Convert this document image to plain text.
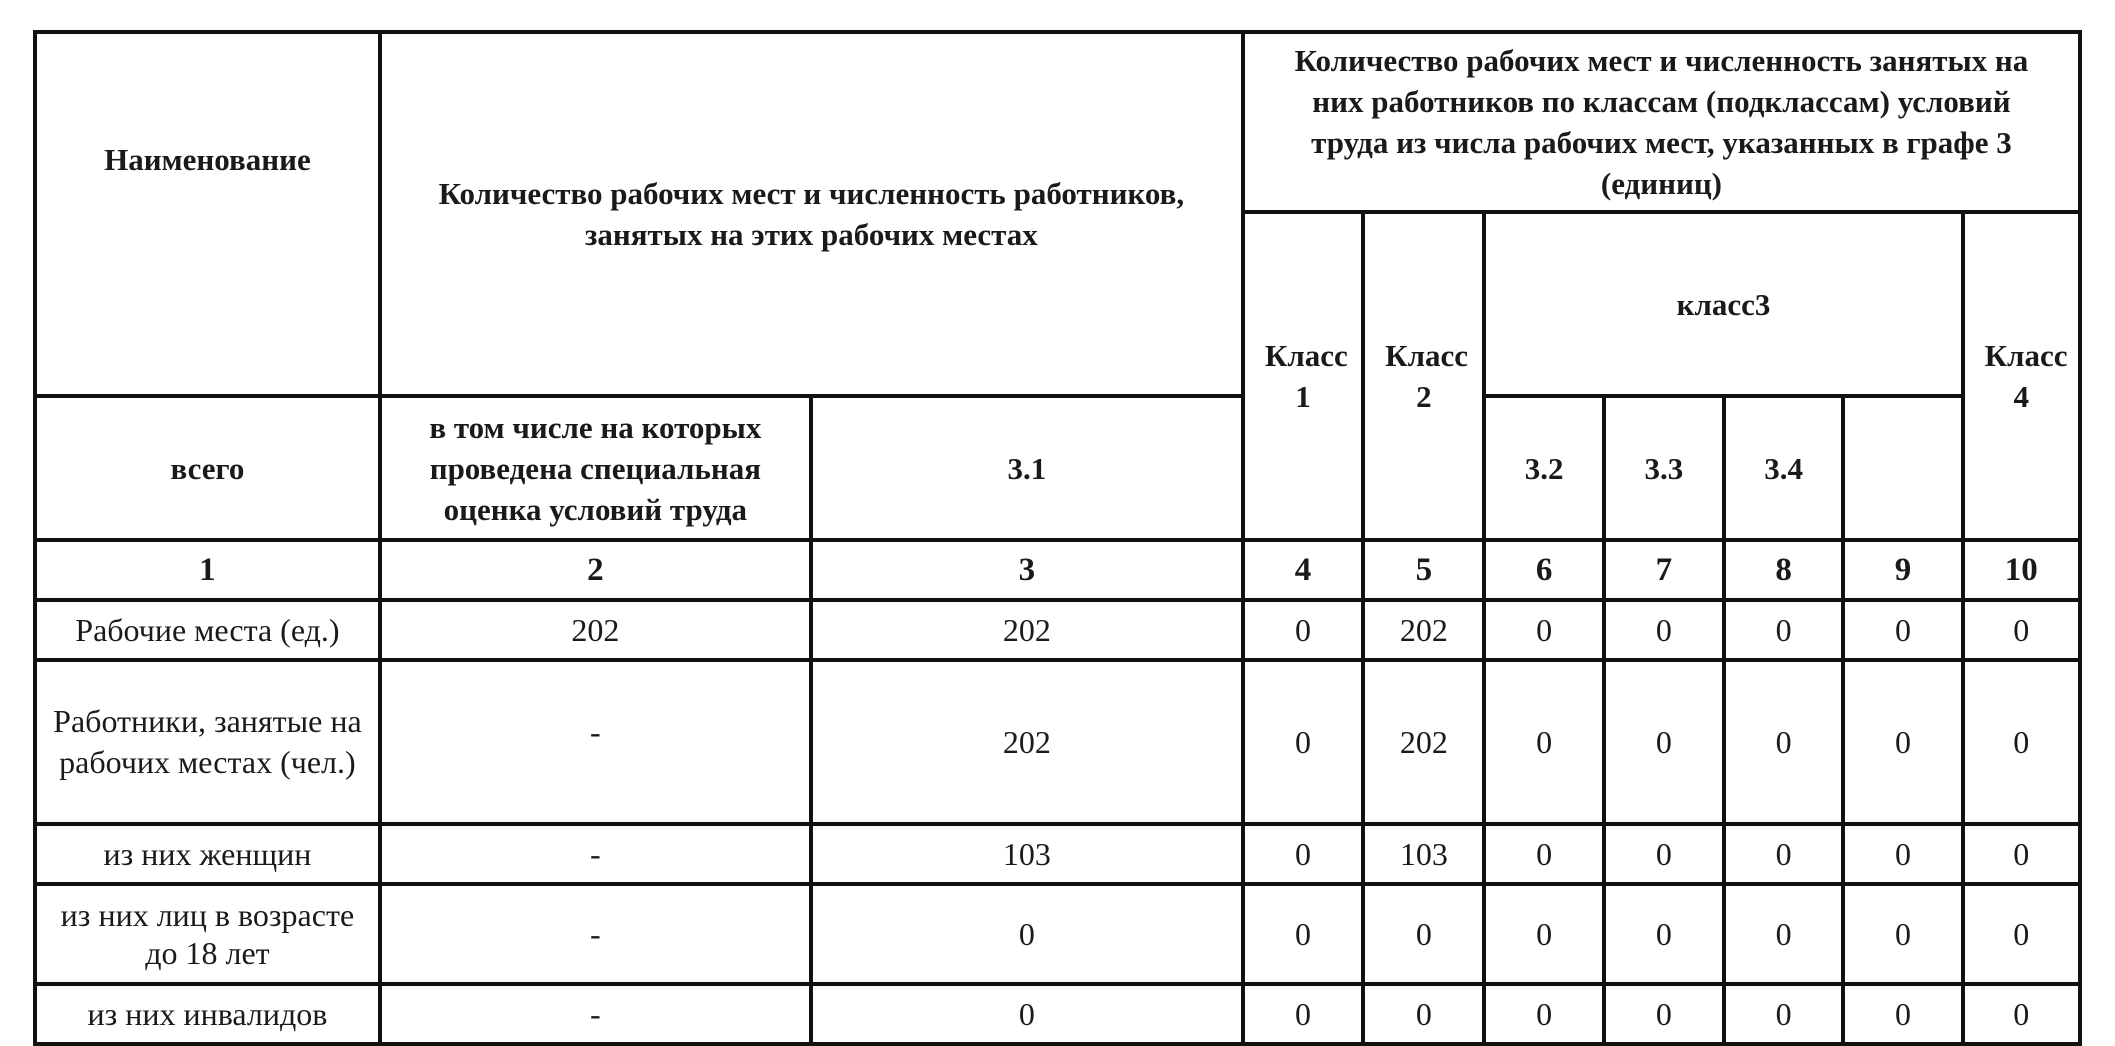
Наименование	Количество рабочих мест и численность работников, занятых на этих рабочих местах		Количество рабочих мест и численность занятых на них работников по классам (подклассам) условий труда из числа рабочих мест, указанных в графе 3 (единиц)						
			Класс 1	Класс 2	класс3				Класс 4
всего	в том числе на которых проведена специальная оценка условий труда	3.1			3.2	3.3	3.4		
1	2	3	4	5	6	7	8	9	10
Рабочие места (ед.)	202	202	0	202	0	0	0	0	0
Работники, занятые на рабочих местах (чел.)	-	202	0	202	0	0	0	0	0
из них женщин	-	103	0	103	0	0	0	0	0
из них лиц в возрасте до 18 лет	-	0	0	0	0	0	0	0	0
из них инвалидов	-	0	0	0	0	0	0	0	0
